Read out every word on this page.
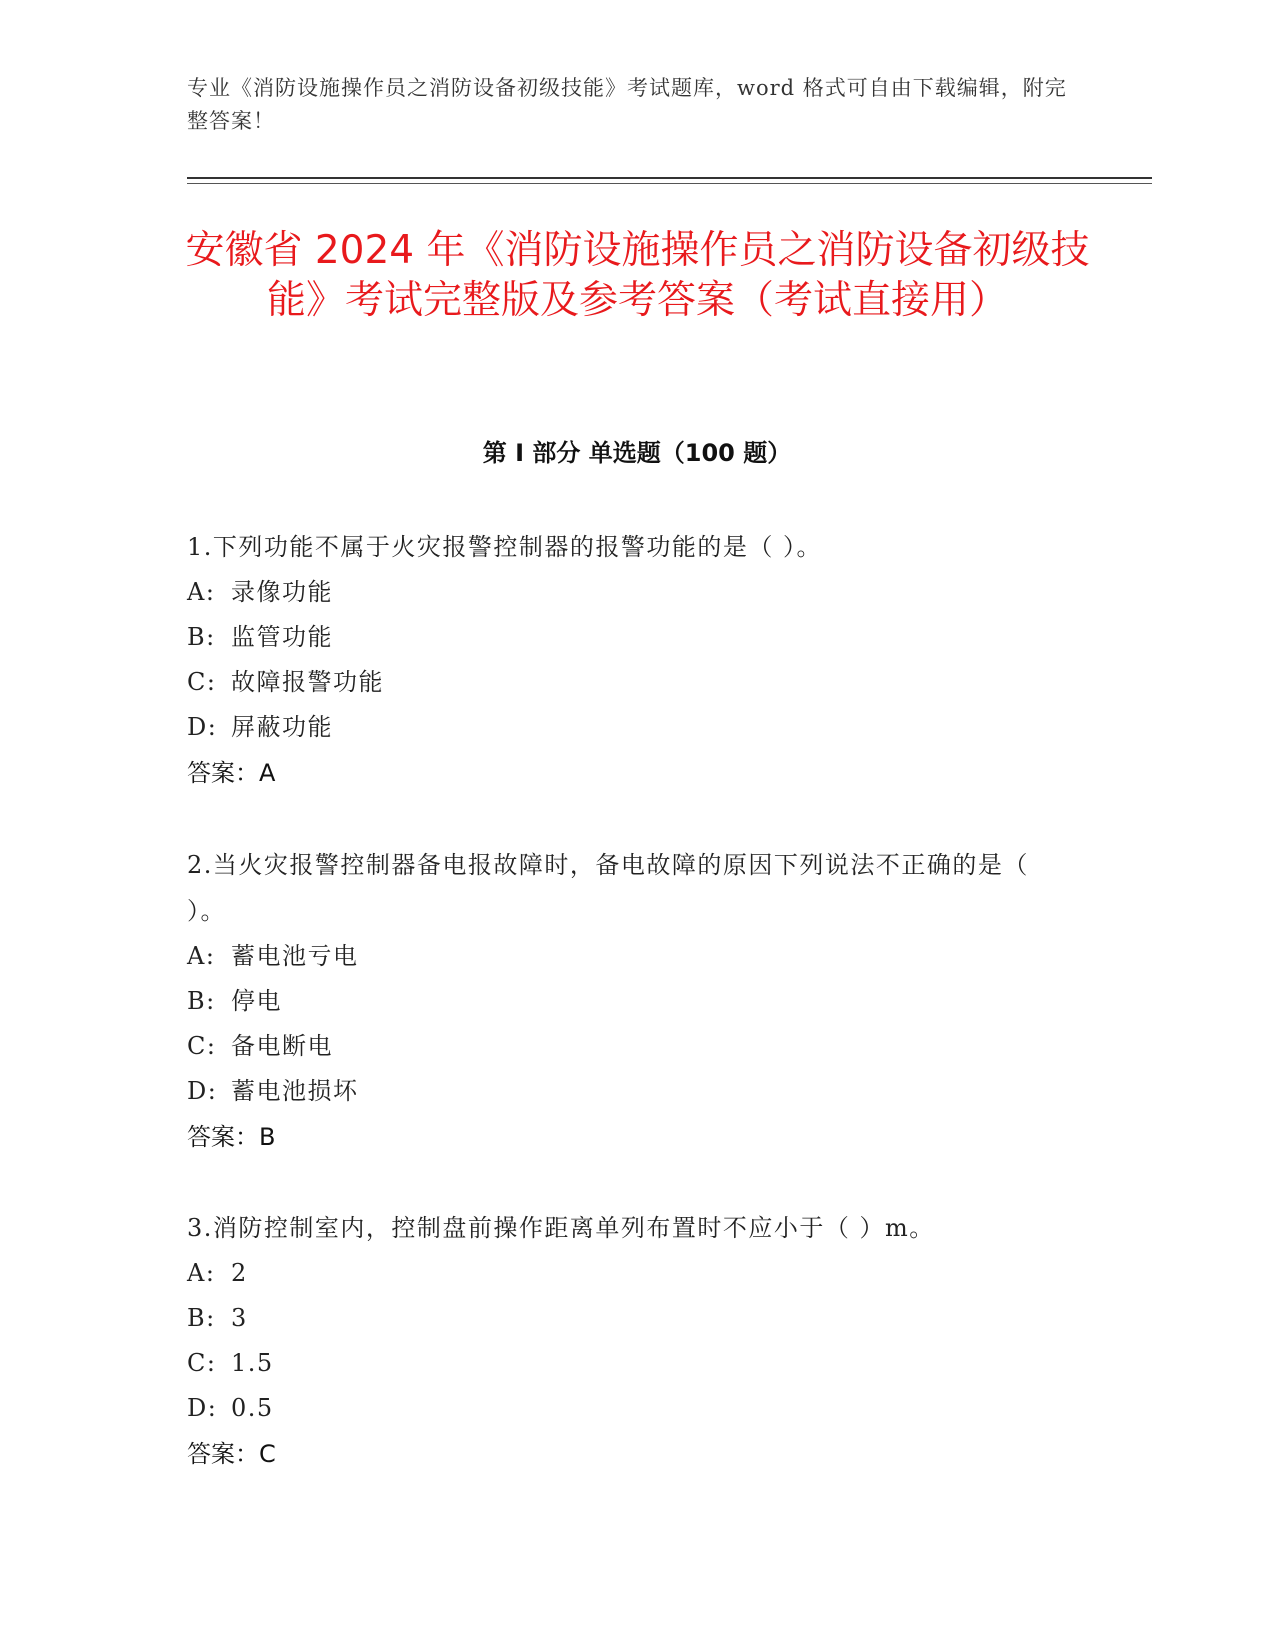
专业《消防设施操作员之消防设备初级技能》考试题库，word 格式可自由下载编辑，附完整答案！
安徽省 2024 年《消防设施操作员之消防设备初级技能》考试完整版及参考答案（考试直接用）
第 I 部分 单选题（100 题）

1.下列功能不属于火灾报警控制器的报警功能的是（ ）。

A: 录像功能

B: 监管功能

C: 故障报警功能

D: 屏蔽功能

答案：A

2.当火灾报警控制器备电报故障时，备电故障的原因下列说法不正确的是（ ）。

A: 蓄电池亏电

B: 停电

C: 备电断电

D: 蓄电池损坏

答案：B

3.消防控制室内，控制盘前操作距离单列布置时不应小于（ ）m。

A: 2

B: 3

C: 1.5

D: 0.5

答案：C
